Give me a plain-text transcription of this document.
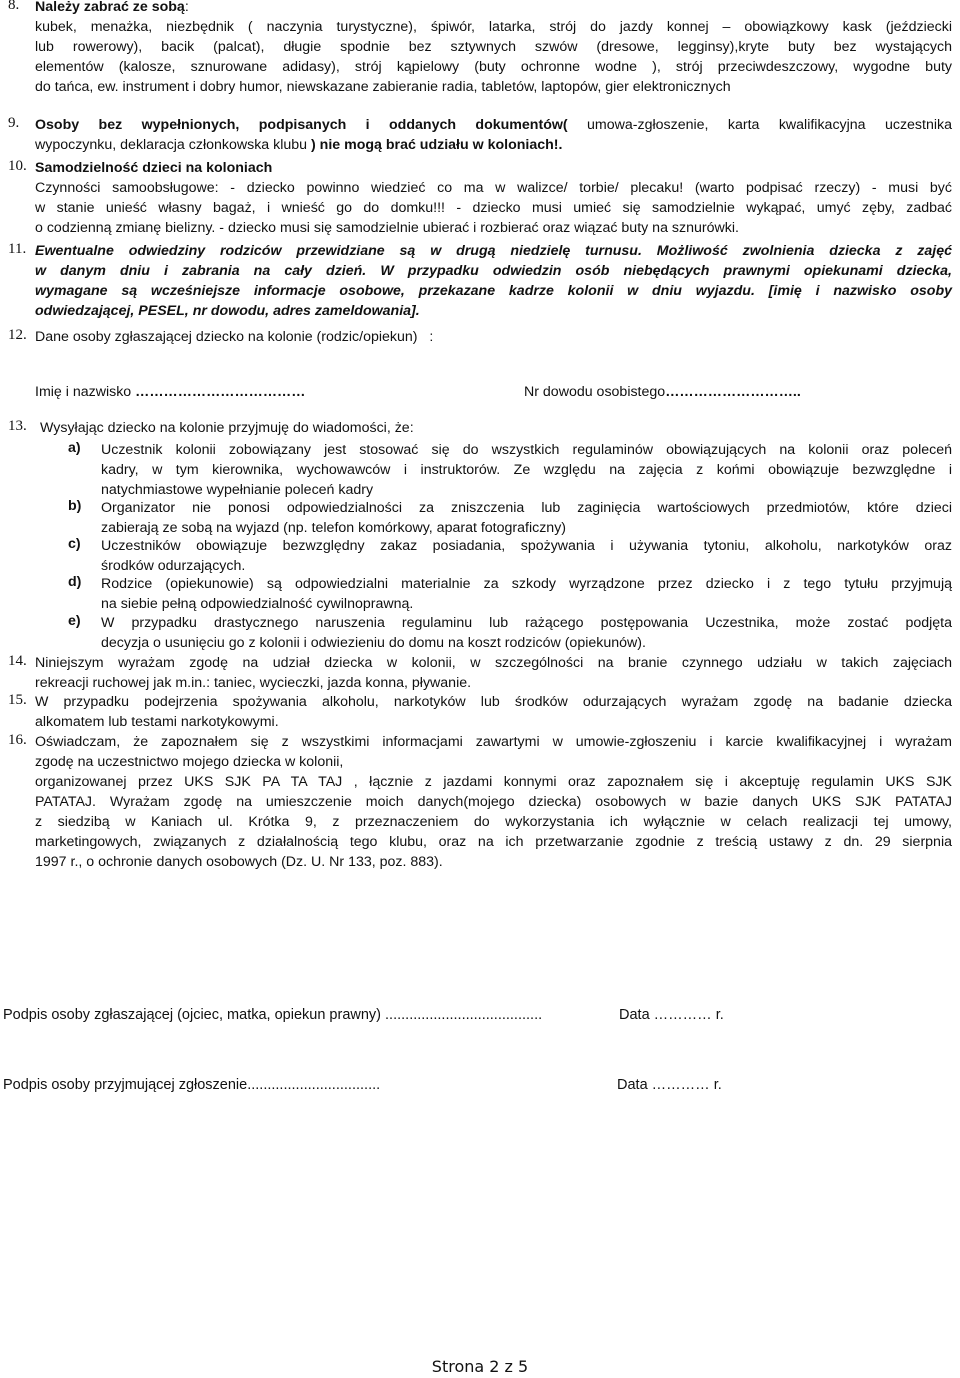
8. Należy zabrać ze sobą:

kubek, menażka, niezbędnik ( naczynia turystyczne), śpiwór, latarka, strój do jazdy konnej – obowiązkowy kask (jeździecki

lub rowerowy), bacik (palcat), długie spodnie bez sztywnych szwów (dresowe, legginsy),kryte buty bez wystających

elementów (kalosze, sznurowane adidasy), strój kąpielowy (buty ochronne wodne ), strój przeciwdeszczowy, wygodne buty

do tańca, ew. instrument i dobry humor, niewskazane zabieranie radia, tabletów, laptopów, gier elektronicznych

9. Osoby bez wypełnionych, podpisanych i oddanych dokumentów( umowa-zgłoszenie, karta kwalifikacyjna uczestnika

wypoczynku, deklaracja członkowska klubu ) nie mogą brać udziału w koloniach!.

10. Samodzielność dzieci na koloniach

Czynności samoobsługowe: - dziecko powinno wiedzieć co ma w walizce/ torbie/ plecaku! (warto podpisać rzeczy) - musi być

w stanie unieść własny bagaż, i wnieść go do domku!!! - dziecko musi umieć się samodzielnie wykąpać, umyć zęby, zadbać

o codzienną zmianę bielizny. - dziecko musi się samodzielnie ubierać i rozbierać oraz wiązać buty na sznurówki.

11. Ewentualne odwiedziny rodziców przewidziane są w drugą niedzielę turnusu. Możliwość zwolnienia dziecka z zajęć

w danym dniu i zabrania na cały dzień. W przypadku odwiedzin osób niebędących prawnymi opiekunami dziecka,

wymagane są wcześniejsze informacje osobowe, przekazane kadrze kolonii w dniu wyjazdu. [imię i nazwisko osoby

odwiedzającej, PESEL, nr dowodu, adres zameldowania].

12. Dane osoby zgłaszającej dziecko na kolonie (rodzic/opiekun)   :

Imię i nazwisko ………………………………	Nr dowodu osobistego………………………..
13. Wysyłając dziecko na kolonie przyjmuję do wiadomości, że:

a) Uczestnik kolonii zobowiązany jest stosować się do wszystkich regulaminów obowiązujących na kolonii oraz poleceń

kadry, w tym kierownika, wychowawców i instruktorów. Ze względu na zajęcia z końmi obowiązuje bezwzględne i

natychmiastowe wypełnianie poleceń kadry

b) Organizator nie ponosi odpowiedzialności za zniszczenia lub zaginięcia wartościowych przedmiotów, które dzieci

zabierają ze sobą na wyjazd (np. telefon komórkowy, aparat fotograficzny)

c) Uczestników obowiązuje bezwzględny zakaz posiadania, spożywania i używania tytoniu, alkoholu, narkotyków oraz

środków odurzających.

d) Rodzice (opiekunowie) są odpowiedzialni materialnie za szkody wyrządzone przez dziecko i z tego tytułu przyjmują

na siebie pełną odpowiedzialność cywilnoprawną.

e) W przypadku drastycznego naruszenia regulaminu lub rażącego postępowania Uczestnika, może zostać podjęta

decyzja o usunięciu go z kolonii i odwiezieniu do domu na koszt rodziców (opiekunów).

14. Niniejszym wyrażam zgodę na udział dziecka w kolonii, w szczególności na branie czynnego udziału w takich zajęciach

rekreacji ruchowej jak m.in.: taniec, wycieczki, jazda konna, pływanie.

15. W przypadku podejrzenia spożywania alkoholu, narkotyków lub środków odurzających wyrażam zgodę na badanie dziecka

alkomatem lub testami narkotykowymi.

16. Oświadczam, że zapoznałem się z wszystkimi informacjami zawartymi w umowie-zgłoszeniu i karcie kwalifikacyjnej i wyrażam

zgodę na uczestnictwo mojego dziecka w kolonii,

organizowanej przez UKS SJK PA TA TAJ , łącznie z jazdami konnymi oraz zapoznałem się i akceptuję regulamin UKS SJK

PATATAJ. Wyrażam zgodę na umieszczenie moich danych(mojego dziecka) osobowych w bazie danych UKS SJK PATATAJ

z siedzibą w Kaniach ul. Krótka 9, z przeznaczeniem do wykorzystania ich wyłącznie w celach realizacji tej umowy,

marketingowych, związanych z działalnością tego klubu, oraz na ich przetwarzanie zgodnie z treścią ustawy z dn. 29 sierpnia

1997 r., o ochronie danych osobowych (Dz. U. Nr 133, poz. 883).

Podpis osoby zgłaszającej (ojciec, matka, opiekun prawny) .......................................	Data ………… r.
Podpis osoby przyjmującej zgłoszenie.................................	Data ………… r.
Strona 2 z 5
